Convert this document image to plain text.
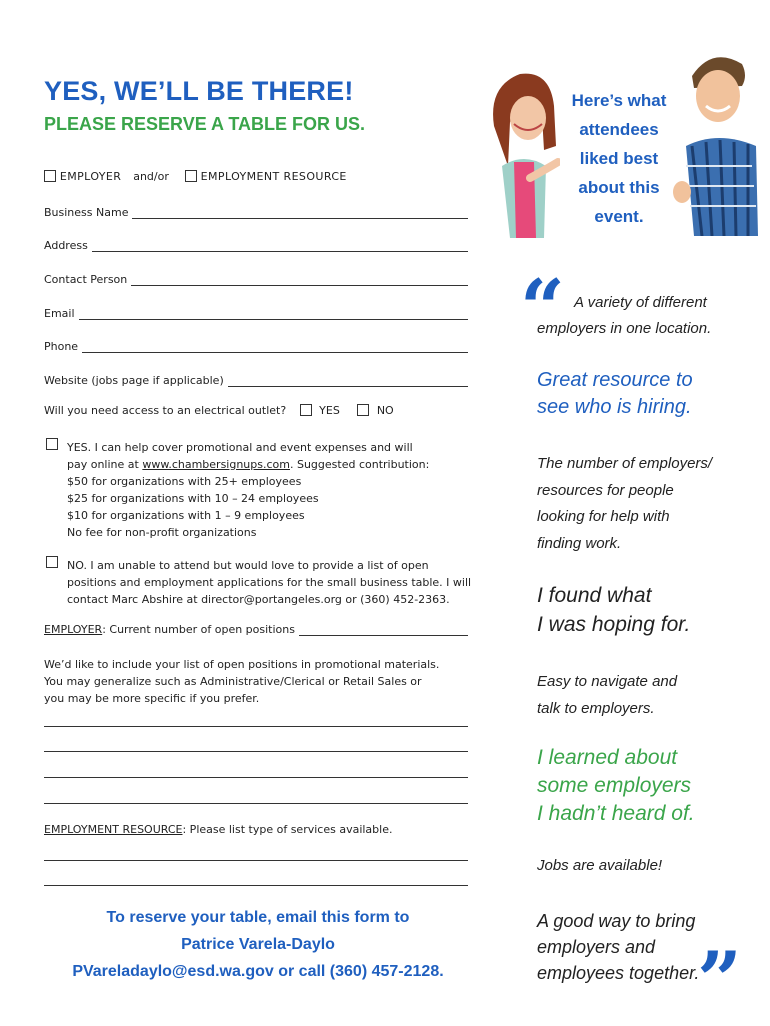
YES, WE’LL BE THERE!
PLEASE RESERVE A TABLE FOR US.
EMPLOYER and/or	EMPLOYMENT RESOURCE
Business Name
Address
Contact Person
Email
Phone
Website (jobs page if applicable)
Will you need access to an electrical outlet?	YES	NO
YES. I can help cover promotional and event expenses and will
pay online at www.chambersignups.com. Suggested contribution:
$50 for organizations with 25+ employees
$25 for organizations with 10 – 24 employees
$10 for organizations with 1 – 9 employees
No fee for non-profit organizations
NO. I am unable to attend but would love to provide a list of open
positions and employment applications for the small business table. I will
contact Marc Abshire at director@portangeles.org or (360) 452-2363.
EMPLOYER : Current number of open positions
We’d like to include your list of open positions in promotional materials.
You may generalize such as Administrative/Clerical or Retail Sales or
you may be more specific if you prefer.
EMPLOYMENT RESOURCE: Please list type of services available.
To reserve your table, email this form to
Patrice Varela-Daylo
PVareladaylo@esd.wa.gov or call (360) 457-2128.
Here’s what
attendees
liked best
about this
event.
“ A variety of different
employers in one location.
Great resource to
see who is hiring.
The number of employers/
resources for people
looking for help with
finding work.
I found what
I was hoping for.
Easy to navigate and
talk to employers.
I learned about
some employers
I hadn’t heard of.
Jobs are available!
A good way to bring
employers and
employees together.
”
